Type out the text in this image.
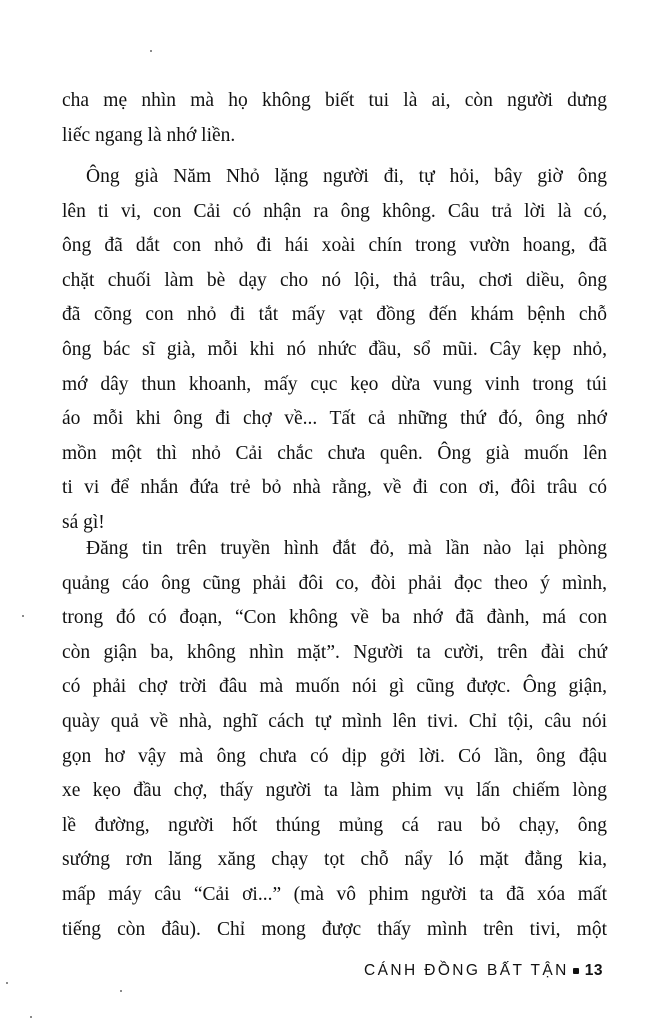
cha mẹ nhìn mà họ không biết tui là ai, còn người dưng
liếc ngang là nhớ liền.
Ông già Năm Nhỏ lặng người đi, tự hỏi, bây giờ ông
lên ti vi, con Cải có nhận ra ông không. Câu trả lời là có,
ông đã dắt con nhỏ đi hái xoài chín trong vườn hoang, đã
chặt chuối làm bè dạy cho nó lội, thả trâu, chơi diều, ông
đã cõng con nhỏ đi tắt mấy vạt đồng đến khám bệnh chỗ
ông bác sĩ già, mỗi khi nó nhức đầu, sổ mũi. Cây kẹp nhỏ,
mớ dây thun khoanh, mấy cục kẹo dừa vung vinh trong túi
áo mỗi khi ông đi chợ về... Tất cả những thứ đó, ông nhớ
mồn một thì nhỏ Cải chắc chưa quên. Ông già muốn lên
ti vi để nhắn đứa trẻ bỏ nhà rằng, về đi con ơi, đôi trâu có
sá gì!
Đăng tin trên truyền hình đắt đỏ, mà lần nào lại phòng
quảng cáo ông cũng phải đôi co, đòi phải đọc theo ý mình,
trong đó có đoạn, “Con không về ba nhớ đã đành, má con
còn giận ba, không nhìn mặt”. Người ta cười, trên đài chứ
có phải chợ trời đâu mà muốn nói gì cũng được. Ông giận,
quày quả về nhà, nghĩ cách tự mình lên tivi. Chỉ tội, câu nói
gọn hơ vậy mà ông chưa có dịp gởi lời. Có lần, ông đậu
xe kẹo đầu chợ, thấy người ta làm phim vụ lấn chiếm lòng
lề đường, người hốt thúng mủng cá rau bỏ chạy, ông
sướng rơn lăng xăng chạy tọt chỗ nẩy ló mặt đằng kia,
mấp máy câu “Cải ơi...” (mà vô phim người ta đã xóa mất
tiếng còn đâu). Chỉ mong được thấy mình trên tivi, một
CÁNH ĐỒNG BẤT TẬN 13
